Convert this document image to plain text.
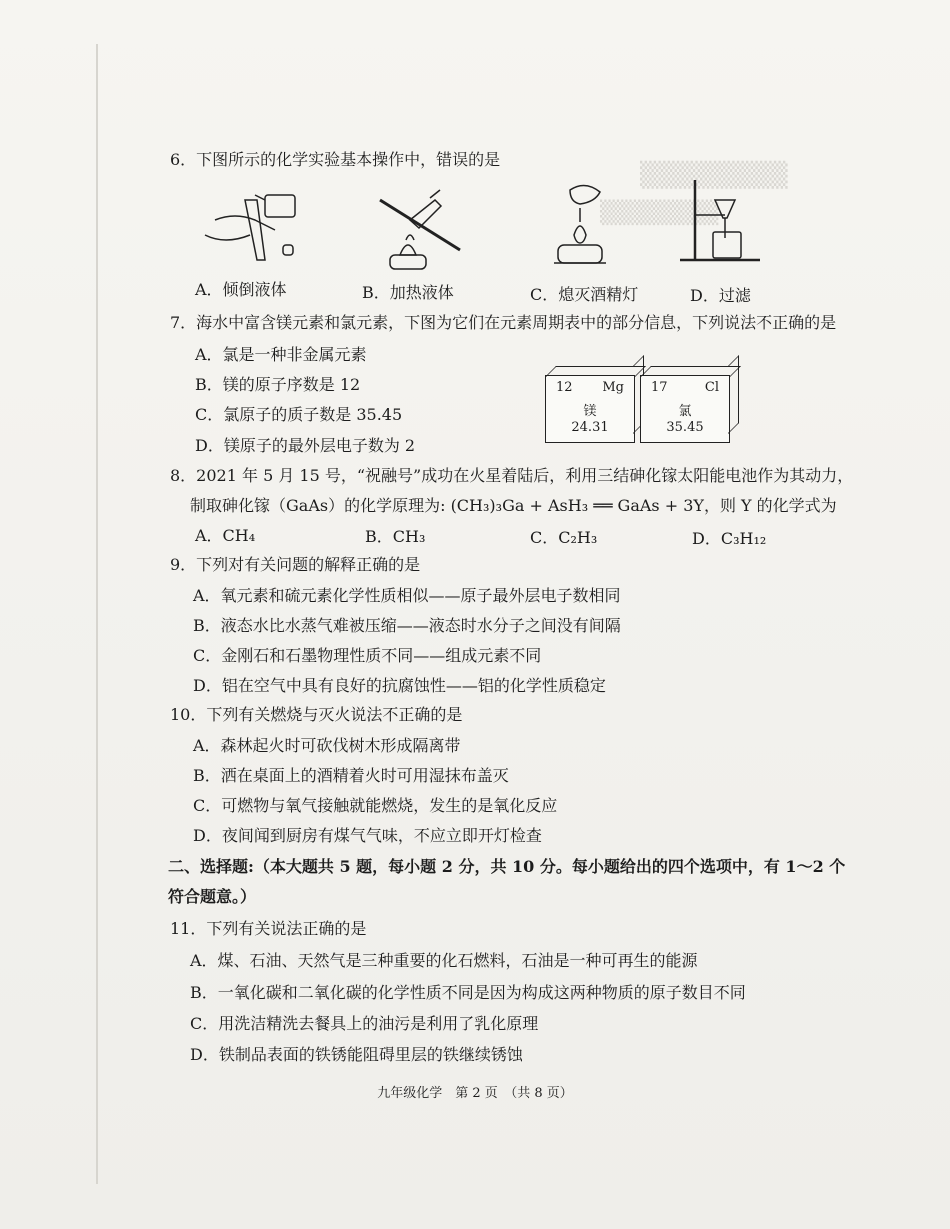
▒▒▒▒▒▒▒▒
▒▒▒▒▒▒▒
6．下图所示的化学实验基本操作中，错误的是
A．倾倒液体	B．加热液体	C．熄灭酒精灯	D．过滤
7．海水中富含镁元素和氯元素，下图为它们在元素周期表中的部分信息，下列说法不正确的是
A．氯是一种非金属元素
B．镁的原子序数是 12
C．氯原子的质子数是 35.45
D．镁原子的最外层电子数为 2
12 Mg
镁
24.31
17	Cl
氯
35.45
8．2021 年 5 月 15 号，“祝融号”成功在火星着陆后，利用三结砷化镓太阳能电池作为其动力，
制取砷化镓（GaAs）的化学原理为: (CH₃)₃Ga + AsH₃ ══ GaAs + 3Y，则 Y 的化学式为
A．CH₄	B．CH₃	C．C₂H₃	D．C₃H₁₂
9．下列对有关问题的解释正确的是
A．氧元素和硫元素化学性质相似——原子最外层电子数相同
B．液态水比水蒸气难被压缩——液态时水分子之间没有间隔
C．金刚石和石墨物理性质不同——组成元素不同
D．铝在空气中具有良好的抗腐蚀性——铝的化学性质稳定
10．下列有关燃烧与灭火说法不正确的是
A．森林起火时可砍伐树木形成隔离带
B．洒在桌面上的酒精着火时可用湿抹布盖灭
C．可燃物与氧气接触就能燃烧，发生的是氧化反应
D．夜间闻到厨房有煤气气味，不应立即开灯检查
二、选择题:（本大题共 5 题，每小题 2 分，共 10 分。每小题给出的四个选项中，有 1～2 个
符合题意。）
11．下列有关说法正确的是
A．煤、石油、天然气是三种重要的化石燃料，石油是一种可再生的能源
B．一氧化碳和二氧化碳的化学性质不同是因为构成这两种物质的原子数目不同
C．用洗洁精洗去餐具上的油污是利用了乳化原理
D．铁制品表面的铁锈能阻碍里层的铁继续锈蚀
九年级化学　第 2 页　（共 8 页）
